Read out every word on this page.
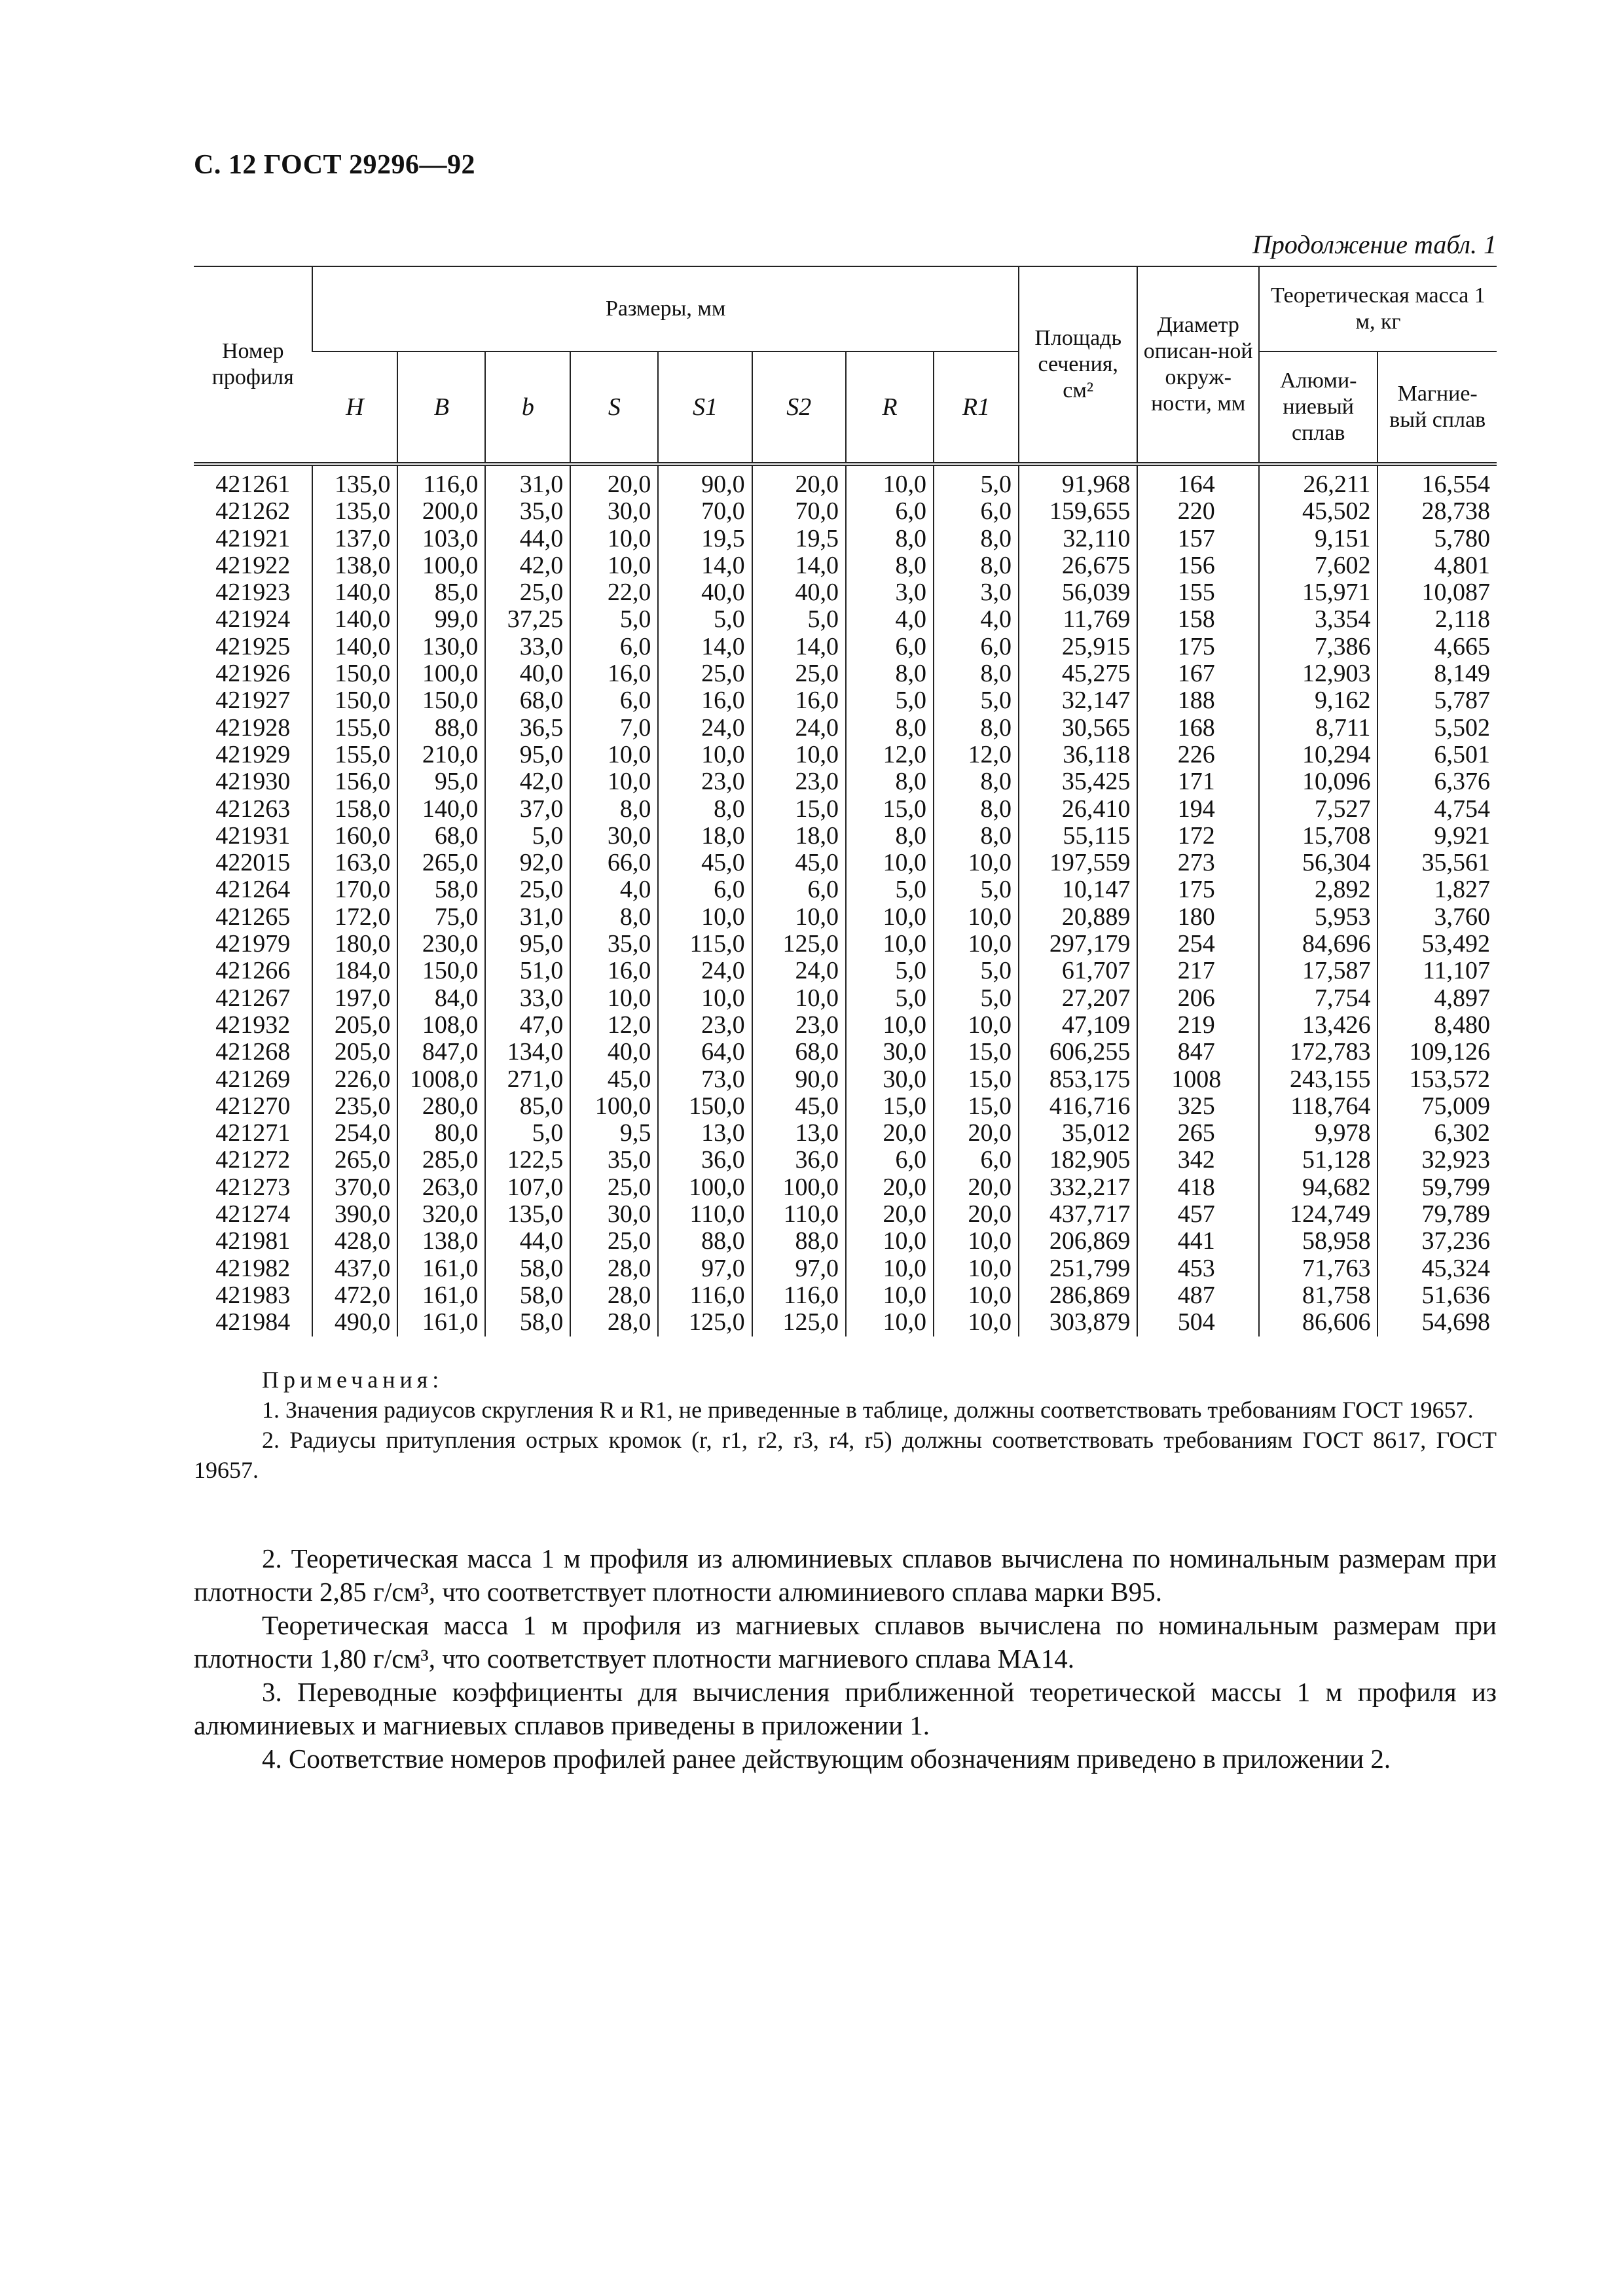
С. 12 ГОСТ 29296—92
Продолжение табл. 1
Номер профиля	Размеры, мм								Площадь сечения, см²	Диаметр описан-ной окруж-ности, мм	Теоретическая масса 1 м, кг	
	H	B	b	S	S1	S2	R	R1			Алюми-ниевый сплав	Магние-вый сплав
421261	135,0	116,0	31,0	20,0	90,0	20,0	10,0	5,0	91,968	164	26,211	16,554
421262	135,0	200,0	35,0	30,0	70,0	70,0	6,0	6,0	159,655	220	45,502	28,738
421921	137,0	103,0	44,0	10,0	19,5	19,5	8,0	8,0	32,110	157	9,151	5,780
421922	138,0	100,0	42,0	10,0	14,0	14,0	8,0	8,0	26,675	156	7,602	4,801
421923	140,0	85,0	25,0	22,0	40,0	40,0	3,0	3,0	56,039	155	15,971	10,087
421924	140,0	99,0	37,25	5,0	5,0	5,0	4,0	4,0	11,769	158	3,354	2,118
421925	140,0	130,0	33,0	6,0	14,0	14,0	6,0	6,0	25,915	175	7,386	4,665
421926	150,0	100,0	40,0	16,0	25,0	25,0	8,0	8,0	45,275	167	12,903	8,149
421927	150,0	150,0	68,0	6,0	16,0	16,0	5,0	5,0	32,147	188	9,162	5,787
421928	155,0	88,0	36,5	7,0	24,0	24,0	8,0	8,0	30,565	168	8,711	5,502
421929	155,0	210,0	95,0	10,0	10,0	10,0	12,0	12,0	36,118	226	10,294	6,501
421930	156,0	95,0	42,0	10,0	23,0	23,0	8,0	8,0	35,425	171	10,096	6,376
421263	158,0	140,0	37,0	8,0	8,0	15,0	15,0	8,0	26,410	194	7,527	4,754
421931	160,0	68,0	5,0	30,0	18,0	18,0	8,0	8,0	55,115	172	15,708	9,921
422015	163,0	265,0	92,0	66,0	45,0	45,0	10,0	10,0	197,559	273	56,304	35,561
421264	170,0	58,0	25,0	4,0	6,0	6,0	5,0	5,0	10,147	175	2,892	1,827
421265	172,0	75,0	31,0	8,0	10,0	10,0	10,0	10,0	20,889	180	5,953	3,760
421979	180,0	230,0	95,0	35,0	115,0	125,0	10,0	10,0	297,179	254	84,696	53,492
421266	184,0	150,0	51,0	16,0	24,0	24,0	5,0	5,0	61,707	217	17,587	11,107
421267	197,0	84,0	33,0	10,0	10,0	10,0	5,0	5,0	27,207	206	7,754	4,897
421932	205,0	108,0	47,0	12,0	23,0	23,0	10,0	10,0	47,109	219	13,426	8,480
421268	205,0	847,0	134,0	40,0	64,0	68,0	30,0	15,0	606,255	847	172,783	109,126
421269	226,0	1008,0	271,0	45,0	73,0	90,0	30,0	15,0	853,175	1008	243,155	153,572
421270	235,0	280,0	85,0	100,0	150,0	45,0	15,0	15,0	416,716	325	118,764	75,009
421271	254,0	80,0	5,0	9,5	13,0	13,0	20,0	20,0	35,012	265	9,978	6,302
421272	265,0	285,0	122,5	35,0	36,0	36,0	6,0	6,0	182,905	342	51,128	32,923
421273	370,0	263,0	107,0	25,0	100,0	100,0	20,0	20,0	332,217	418	94,682	59,799
421274	390,0	320,0	135,0	30,0	110,0	110,0	20,0	20,0	437,717	457	124,749	79,789
421981	428,0	138,0	44,0	25,0	88,0	88,0	10,0	10,0	206,869	441	58,958	37,236
421982	437,0	161,0	58,0	28,0	97,0	97,0	10,0	10,0	251,799	453	71,763	45,324
421983	472,0	161,0	58,0	28,0	116,0	116,0	10,0	10,0	286,869	487	81,758	51,636
421984	490,0	161,0	58,0	28,0	125,0	125,0	10,0	10,0	303,879	504	86,606	54,698
Примечания:

1. Значения радиусов скругления R и R1, не приведенные в таблице, должны соответствовать требованиям ГОСТ 19657.

2. Радиусы притупления острых кромок (r, r1, r2, r3, r4, r5) должны соответствовать требованиям ГОСТ 8617, ГОСТ 19657.

2. Теоретическая масса 1 м профиля из алюминиевых сплавов вычислена по номинальным размерам при плотности 2,85 г/см³, что соответствует плотности алюминиевого сплава марки В95.

Теоретическая масса 1 м профиля из магниевых сплавов вычислена по номинальным размерам при плотности 1,80 г/см³, что соответствует плотности магниевого сплава МА14.

3. Переводные коэффициенты для вычисления приближенной теоретической массы 1 м профиля из алюминиевых и магниевых сплавов приведены в приложении 1.

4. Соответствие номеров профилей ранее действующим обозначениям приведено в приложении 2.
